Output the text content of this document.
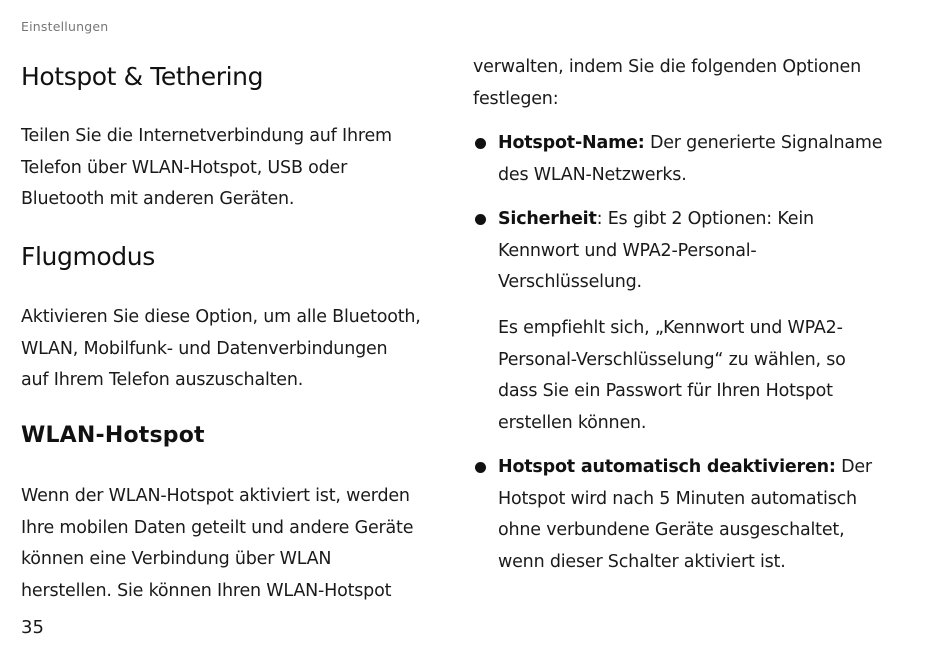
Einstellungen
Hotspot & Tethering
Teilen Sie die Internetverbindung auf Ihrem
Telefon über WLAN-Hotspot, USB oder
Bluetooth mit anderen Geräten.
Flugmodus
Aktivieren Sie diese Option, um alle Bluetooth,
WLAN, Mobilfunk- und Datenverbindungen
auf Ihrem Telefon auszuschalten.
WLAN-Hotspot
Wenn der WLAN-Hotspot aktiviert ist, werden
Ihre mobilen Daten geteilt und andere Geräte
können eine Verbindung über WLAN
herstellen. Sie können Ihren WLAN-Hotspot
verwalten, indem Sie die folgenden Optionen
festlegen:
Hotspot-Name: Der generierte Signalname
des WLAN-Netzwerks.
Sicherheit: Es gibt 2 Optionen: Kein
Kennwort und WPA2-Personal-
Verschlüsselung.
Es empfiehlt sich, „Kennwort und WPA2-
Personal-Verschlüsselung“ zu wählen, so
dass Sie ein Passwort für Ihren Hotspot
erstellen können.
Hotspot automatisch deaktivieren: Der
Hotspot wird nach 5 Minuten automatisch
ohne verbundene Geräte ausgeschaltet,
wenn dieser Schalter aktiviert ist.
35
